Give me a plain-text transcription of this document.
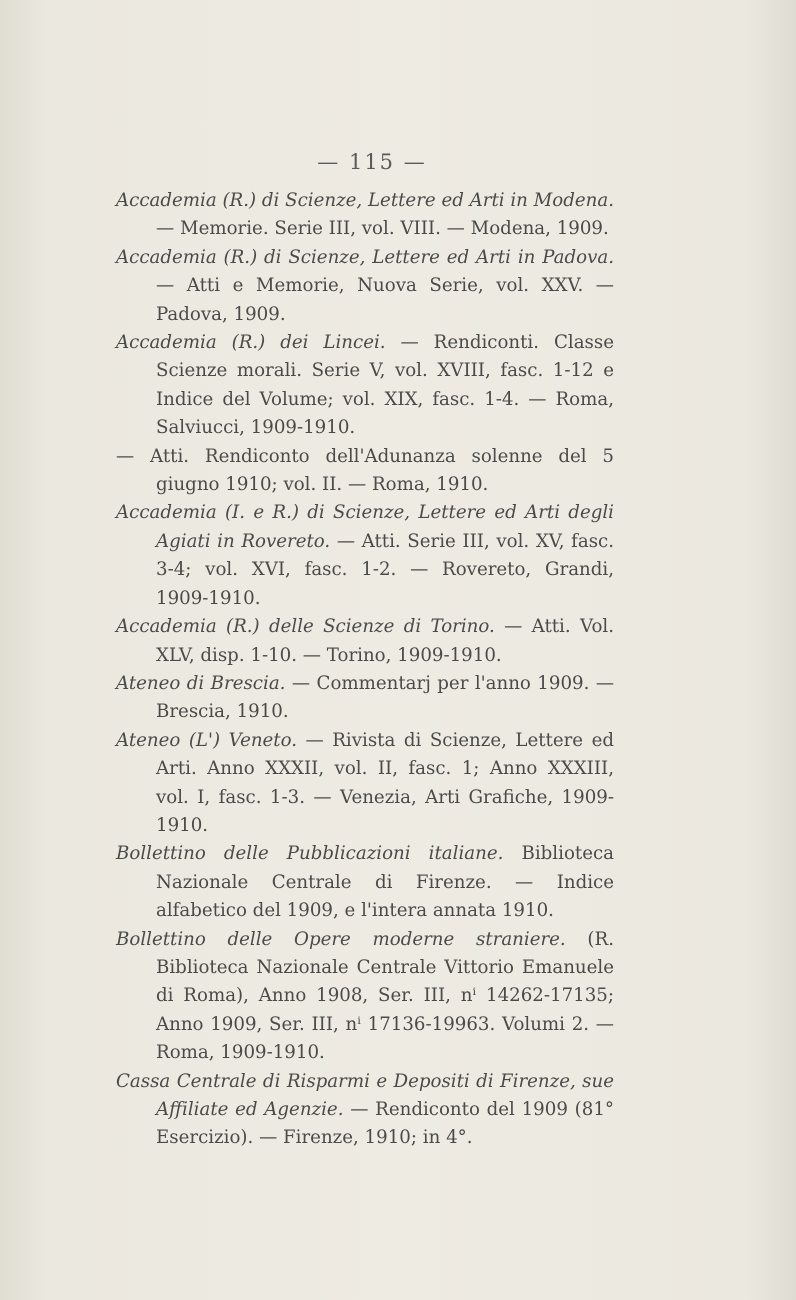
— 115 —

Accademia (R.) di Scienze, Lettere ed Arti in Modena. — Memorie. Serie III, vol. VIII. — Modena, 1909.

Accademia (R.) di Scienze, Lettere ed Arti in Padova. — Atti e Memorie, Nuova Serie, vol. XXV. — Padova, 1909.

Accademia (R.) dei Lincei. — Rendiconti. Classe Scienze morali. Serie V, vol. XVIII, fasc. 1-12 e Indice del Volume; vol. XIX, fasc. 1-4. — Roma, Salviucci, 1909-1910.

— Atti. Rendiconto dell'Adunanza solenne del 5 giugno 1910; vol. II. — Roma, 1910.

Accademia (I. e R.) di Scienze, Lettere ed Arti degli Agiati in Rovereto. — Atti. Serie III, vol. XV, fasc. 3-4; vol. XVI, fasc. 1-2. — Rovereto, Grandi, 1909-1910.

Accademia (R.) delle Scienze di Torino. — Atti. Vol. XLV, disp. 1-10. — Torino, 1909-1910.

Ateneo di Brescia. — Commentarj per l'anno 1909. — Brescia, 1910.

Ateneo (L') Veneto. — Rivista di Scienze, Lettere ed Arti. Anno XXXII, vol. II, fasc. 1; Anno XXXIII, vol. I, fasc. 1-3. — Venezia, Arti Grafiche, 1909-1910.

Bollettino delle Pubblicazioni italiane. Biblioteca Nazionale Centrale di Firenze. — Indice alfabetico del 1909, e l'intera annata 1910.

Bollettino delle Opere moderne straniere. (R. Biblioteca Nazionale Centrale Vittorio Emanuele di Roma), Anno 1908, Ser. III, nⁱ 14262-17135; Anno 1909, Ser. III, nⁱ 17136-19963. Volumi 2. — Roma, 1909-1910.

Cassa Centrale di Risparmi e Depositi di Firenze, sue Affiliate ed Agenzie. — Rendiconto del 1909 (81° Esercizio). — Firenze, 1910; in 4°.
